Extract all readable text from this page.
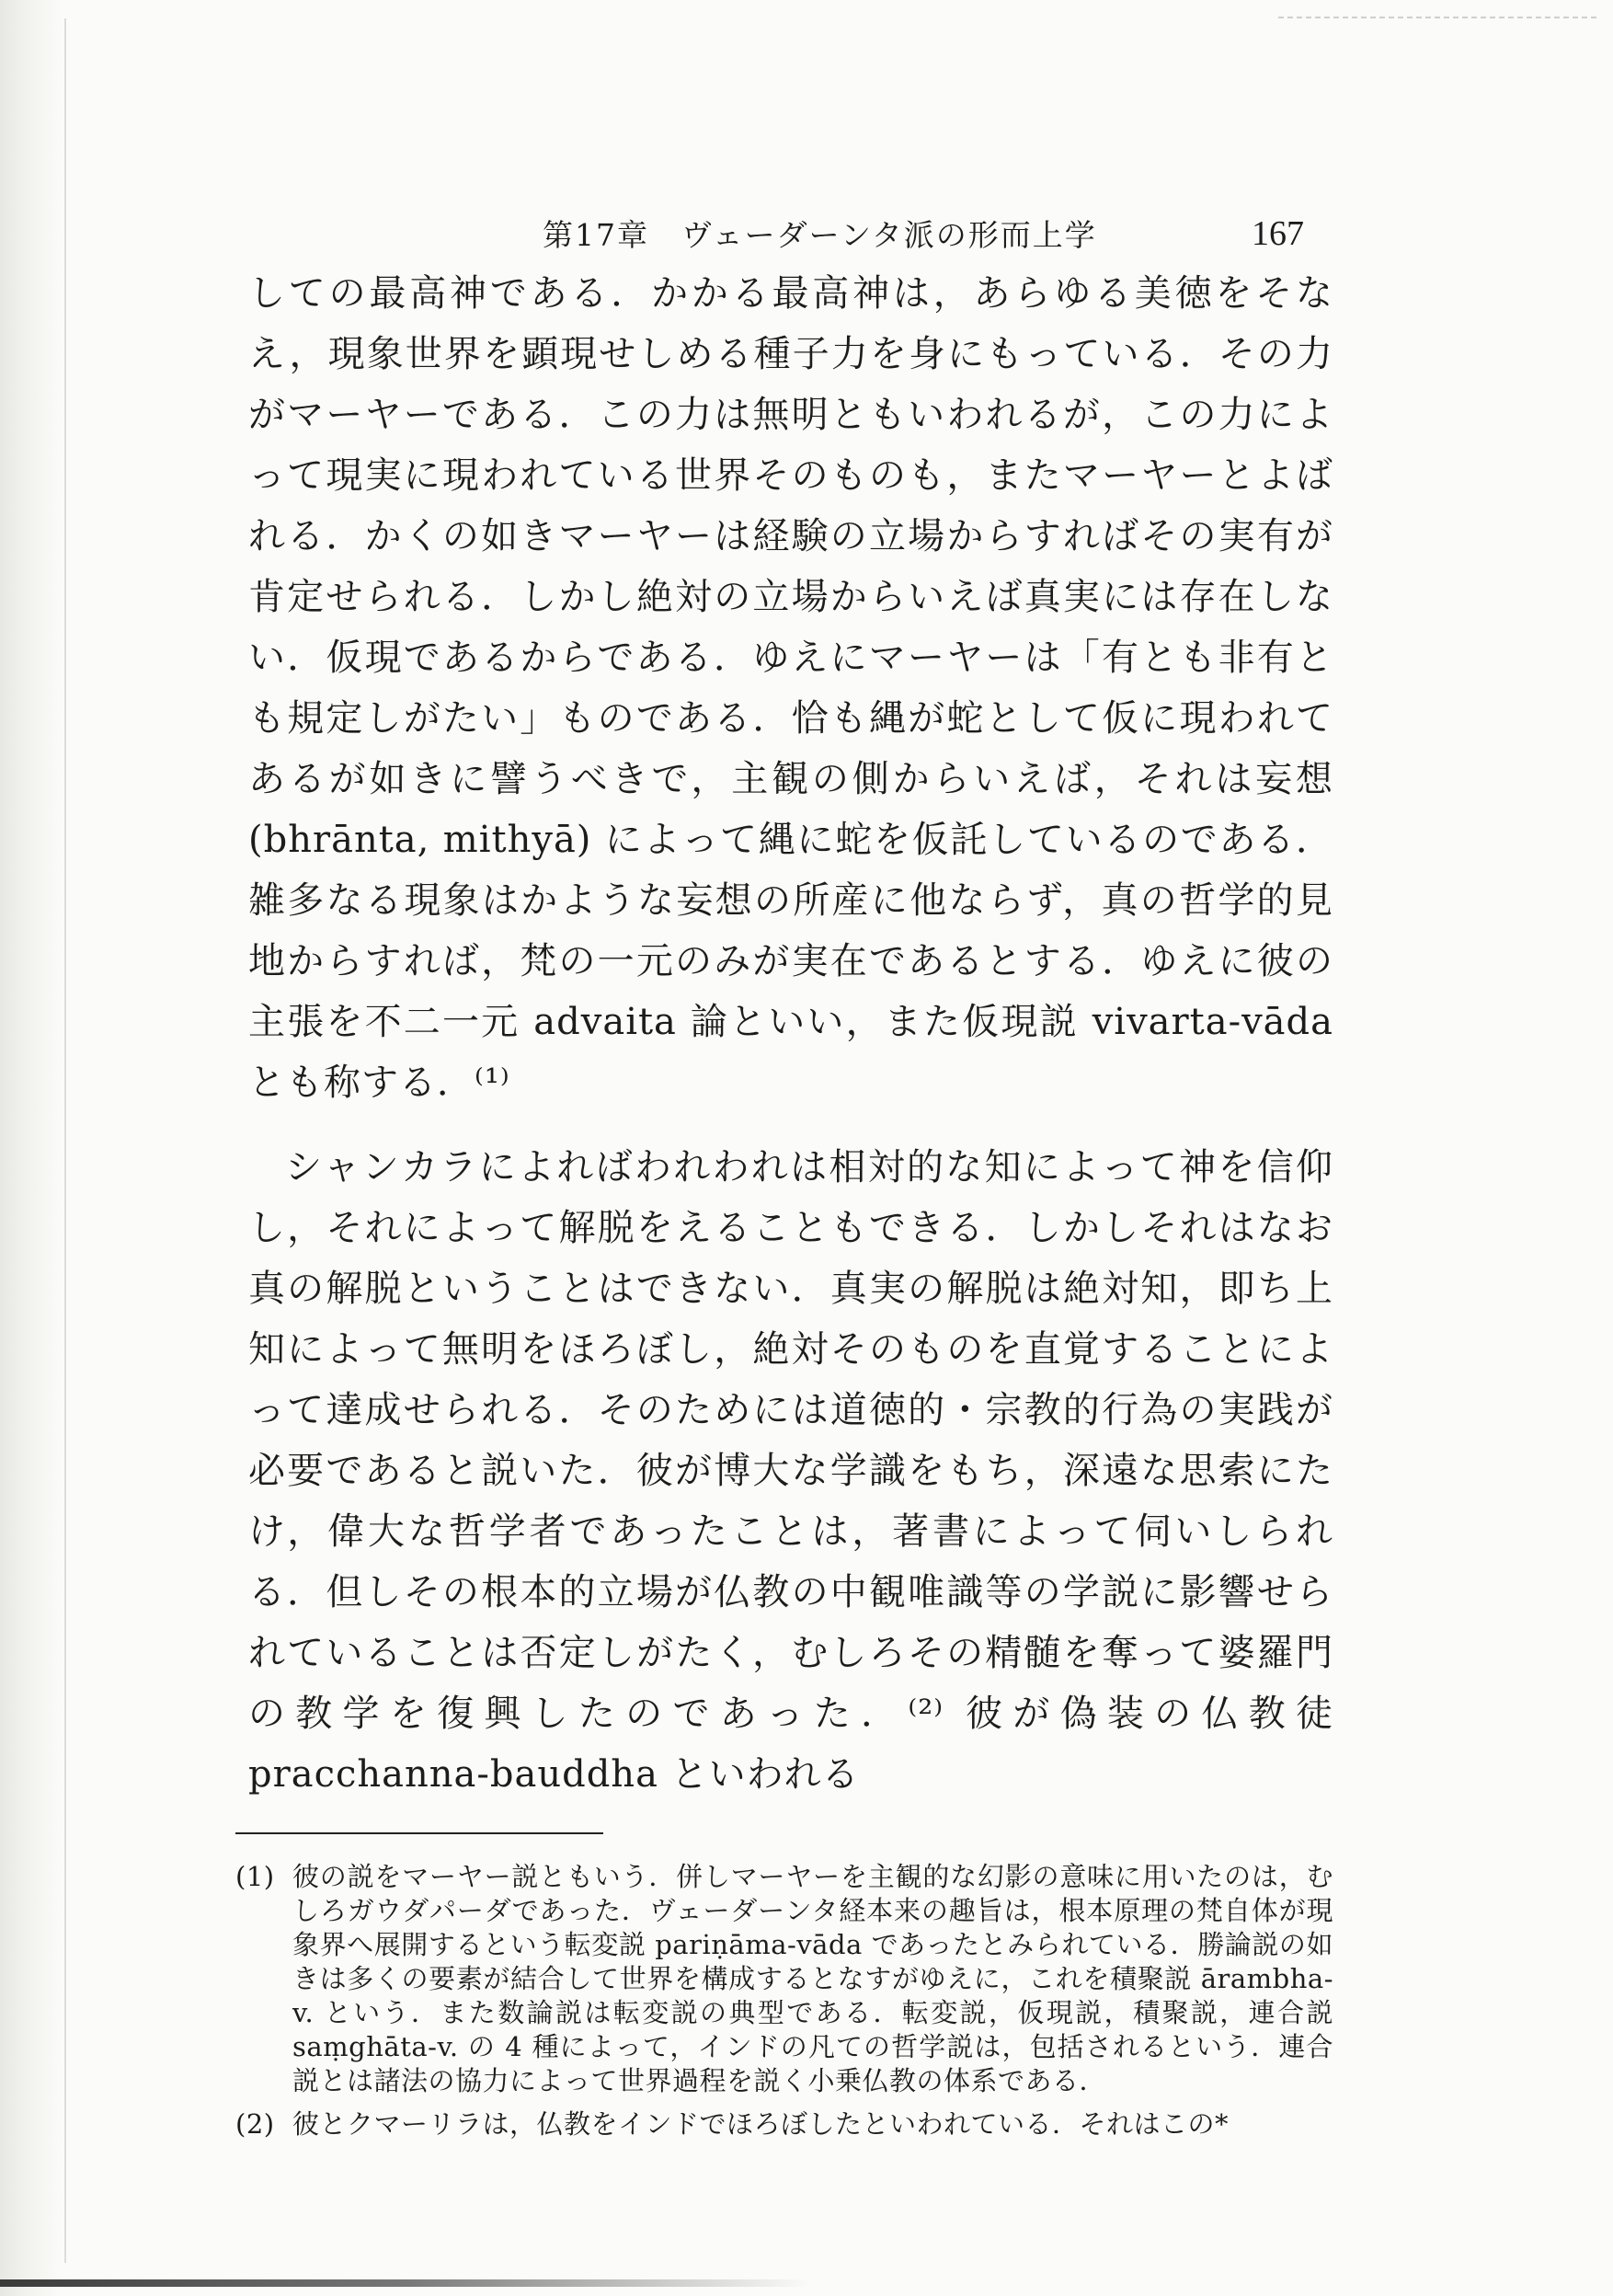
第17章　ヴェーダーンタ派の形而上学	167

しての最高神である．かかる最高神は，あらゆる美徳をそなえ，現象世界を顕現せしめる種子力を身にもっている．その力がマーヤーである．この力は無明ともいわれるが，この力によって現実に現われている世界そのものも，またマーヤーとよばれる．かくの如きマーヤーは経験の立場からすればその実有が肯定せられる．しかし絶対の立場からいえば真実には存在しない．仮現であるからである．ゆえにマーヤーは「有とも非有とも規定しがたい」ものである．恰も縄が蛇として仮に現われてあるが如きに譬うべきで，主観の側からいえば，それは妄想 (bhrānta, mithyā) によって縄に蛇を仮託しているのである．雑多なる現象はかような妄想の所産に他ならず，真の哲学的見地からすれば，梵の一元のみが実在であるとする．ゆえに彼の主張を不二一元 advaita 論といい，また仮現説 vivarta-vāda とも称する．⁽¹⁾

シャンカラによればわれわれは相対的な知によって神を信仰し，それによって解脱をえることもできる．しかしそれはなお真の解脱ということはできない．真実の解脱は絶対知，即ち上知によって無明をほろぼし，絶対そのものを直覚することによって達成せられる．そのためには道徳的・宗教的行為の実践が必要であると説いた．彼が博大な学識をもち，深遠な思索にたけ，偉大な哲学者であったことは，著書によって伺いしられる．但しその根本的立場が仏教の中観唯識等の学説に影響せられていることは否定しがたく，むしろその精髄を奪って婆羅門の教学を復興したのであった．⁽²⁾ 彼が偽装の仏教徒 pracchanna-bauddha といわれる

(1) 彼の説をマーヤー説ともいう．併しマーヤーを主観的な幻影の意味に用いたのは，むしろガウダパーダであった．ヴェーダーンタ経本来の趣旨は，根本原理の梵自体が現象界へ展開するという転変説 pariṇāma-vāda であったとみられている．勝論説の如きは多くの要素が結合して世界を構成するとなすがゆえに，これを積聚説 ārambha-v. という．また数論説は転変説の典型である．転変説，仮現説，積聚説，連合説 saṃghāta-v. の 4 種によって，インドの凡ての哲学説は，包括されるという．連合説とは諸法の協力によって世界過程を説く小乗仏教の体系である．
(2) 彼とクマーリラは，仏教をインドでほろぼしたといわれている．それはこの*
